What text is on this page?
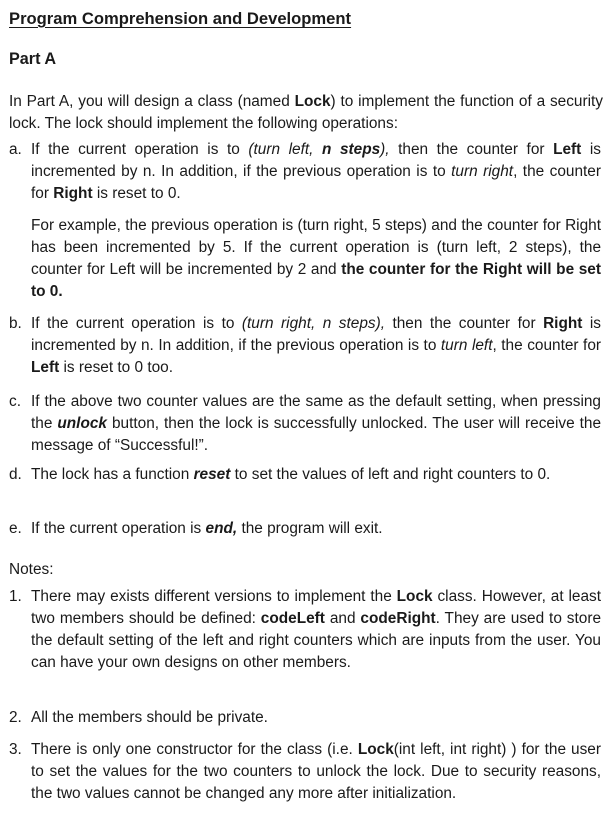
Program Comprehension and Development
Part A

In Part A, you will design a class (named Lock) to implement the function of a security lock. The lock should implement the following operations:

a. If the current operation is to (turn left, n steps), then the counter for Left is incremented by n. In addition, if the previous operation is to turn right, the counter for Right is reset to 0.

For example, the previous operation is (turn right, 5 steps) and the counter for Right has been incremented by 5. If the current operation is (turn left, 2 steps), the counter for Left will be incremented by 2 and the counter for the Right will be set to 0.

b. If the current operation is to (turn right, n steps), then the counter for Right is incremented by n. In addition, if the previous operation is to turn left, the counter for Left is reset to 0 too.

c. If the above two counter values are the same as the default setting, when pressing the unlock button, then the lock is successfully unlocked. The user will receive the message of “Successful!”.

d. The lock has a function reset to set the values of left and right counters to 0.

e. If the current operation is end, the program will exit.

Notes:

1. There may exists different versions to implement the Lock class. However, at least two members should be defined: codeLeft and codeRight. They are used to store the default setting of the left and right counters which are inputs from the user. You can have your own designs on other members.

2. All the members should be private.

3. There is only one constructor for the class (i.e. Lock(int left, int right) ) for the user to set the values for the two counters to unlock the lock. Due to security reasons, the two values cannot be changed any more after initialization.
